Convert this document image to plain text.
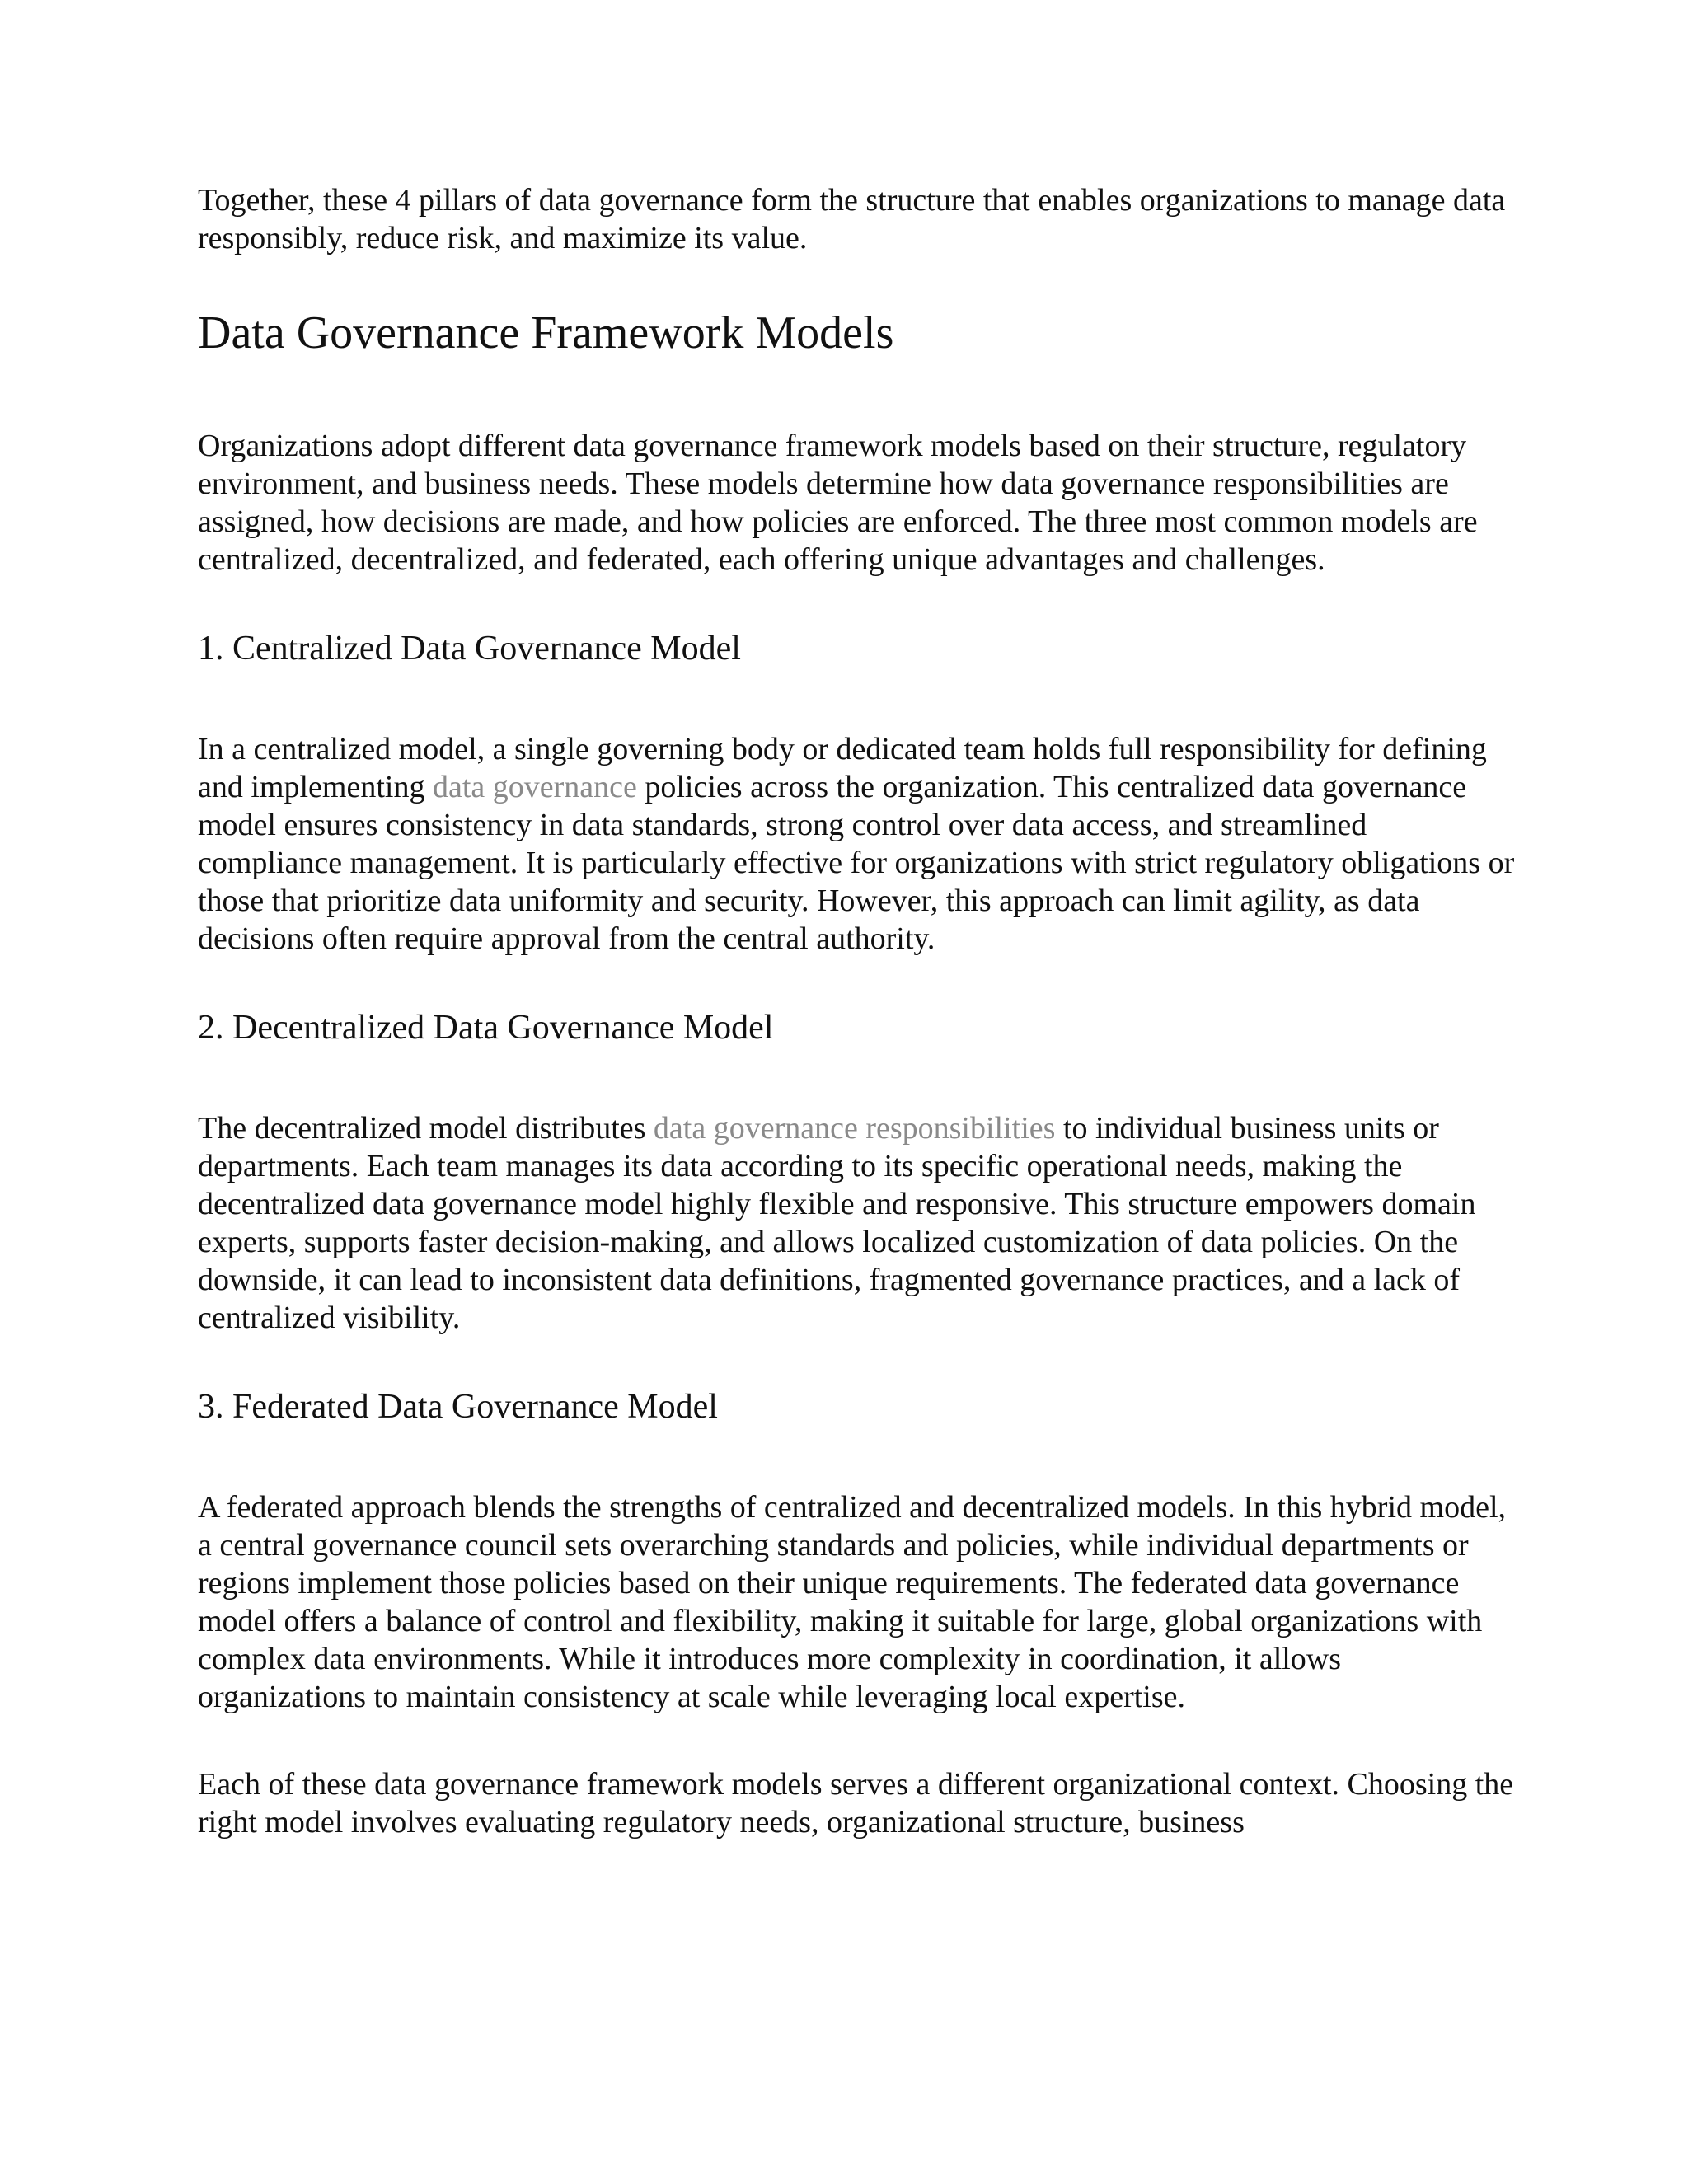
Together, these 4 pillars of data governance form the structure that enables organizations to manage data responsibly, reduce risk, and maximize its value.

Data Governance Framework Models

Organizations adopt different data governance framework models based on their structure, regulatory environment, and business needs. These models determine how data governance responsibilities are assigned, how decisions are made, and how policies are enforced. The three most common models are centralized, decentralized, and federated, each offering unique advantages and challenges.

1. Centralized Data Governance Model

In a centralized model, a single governing body or dedicated team holds full responsibility for defining and implementing data governance policies across the organization. This centralized data governance model ensures consistency in data standards, strong control over data access, and streamlined compliance management. It is particularly effective for organizations with strict regulatory obligations or those that prioritize data uniformity and security. However, this approach can limit agility, as data decisions often require approval from the central authority.

2. Decentralized Data Governance Model

The decentralized model distributes data governance responsibilities to individual business units or departments. Each team manages its data according to its specific operational needs, making the decentralized data governance model highly flexible and responsive. This structure empowers domain experts, supports faster decision-making, and allows localized customization of data policies. On the downside, it can lead to inconsistent data definitions, fragmented governance practices, and a lack of centralized visibility.

3. Federated Data Governance Model

A federated approach blends the strengths of centralized and decentralized models. In this hybrid model, a central governance council sets overarching standards and policies, while individual departments or regions implement those policies based on their unique requirements. The federated data governance model offers a balance of control and flexibility, making it suitable for large, global organizations with complex data environments. While it introduces more complexity in coordination, it allows organizations to maintain consistency at scale while leveraging local expertise.

Each of these data governance framework models serves a different organizational context. Choosing the right model involves evaluating regulatory needs, organizational structure, business
